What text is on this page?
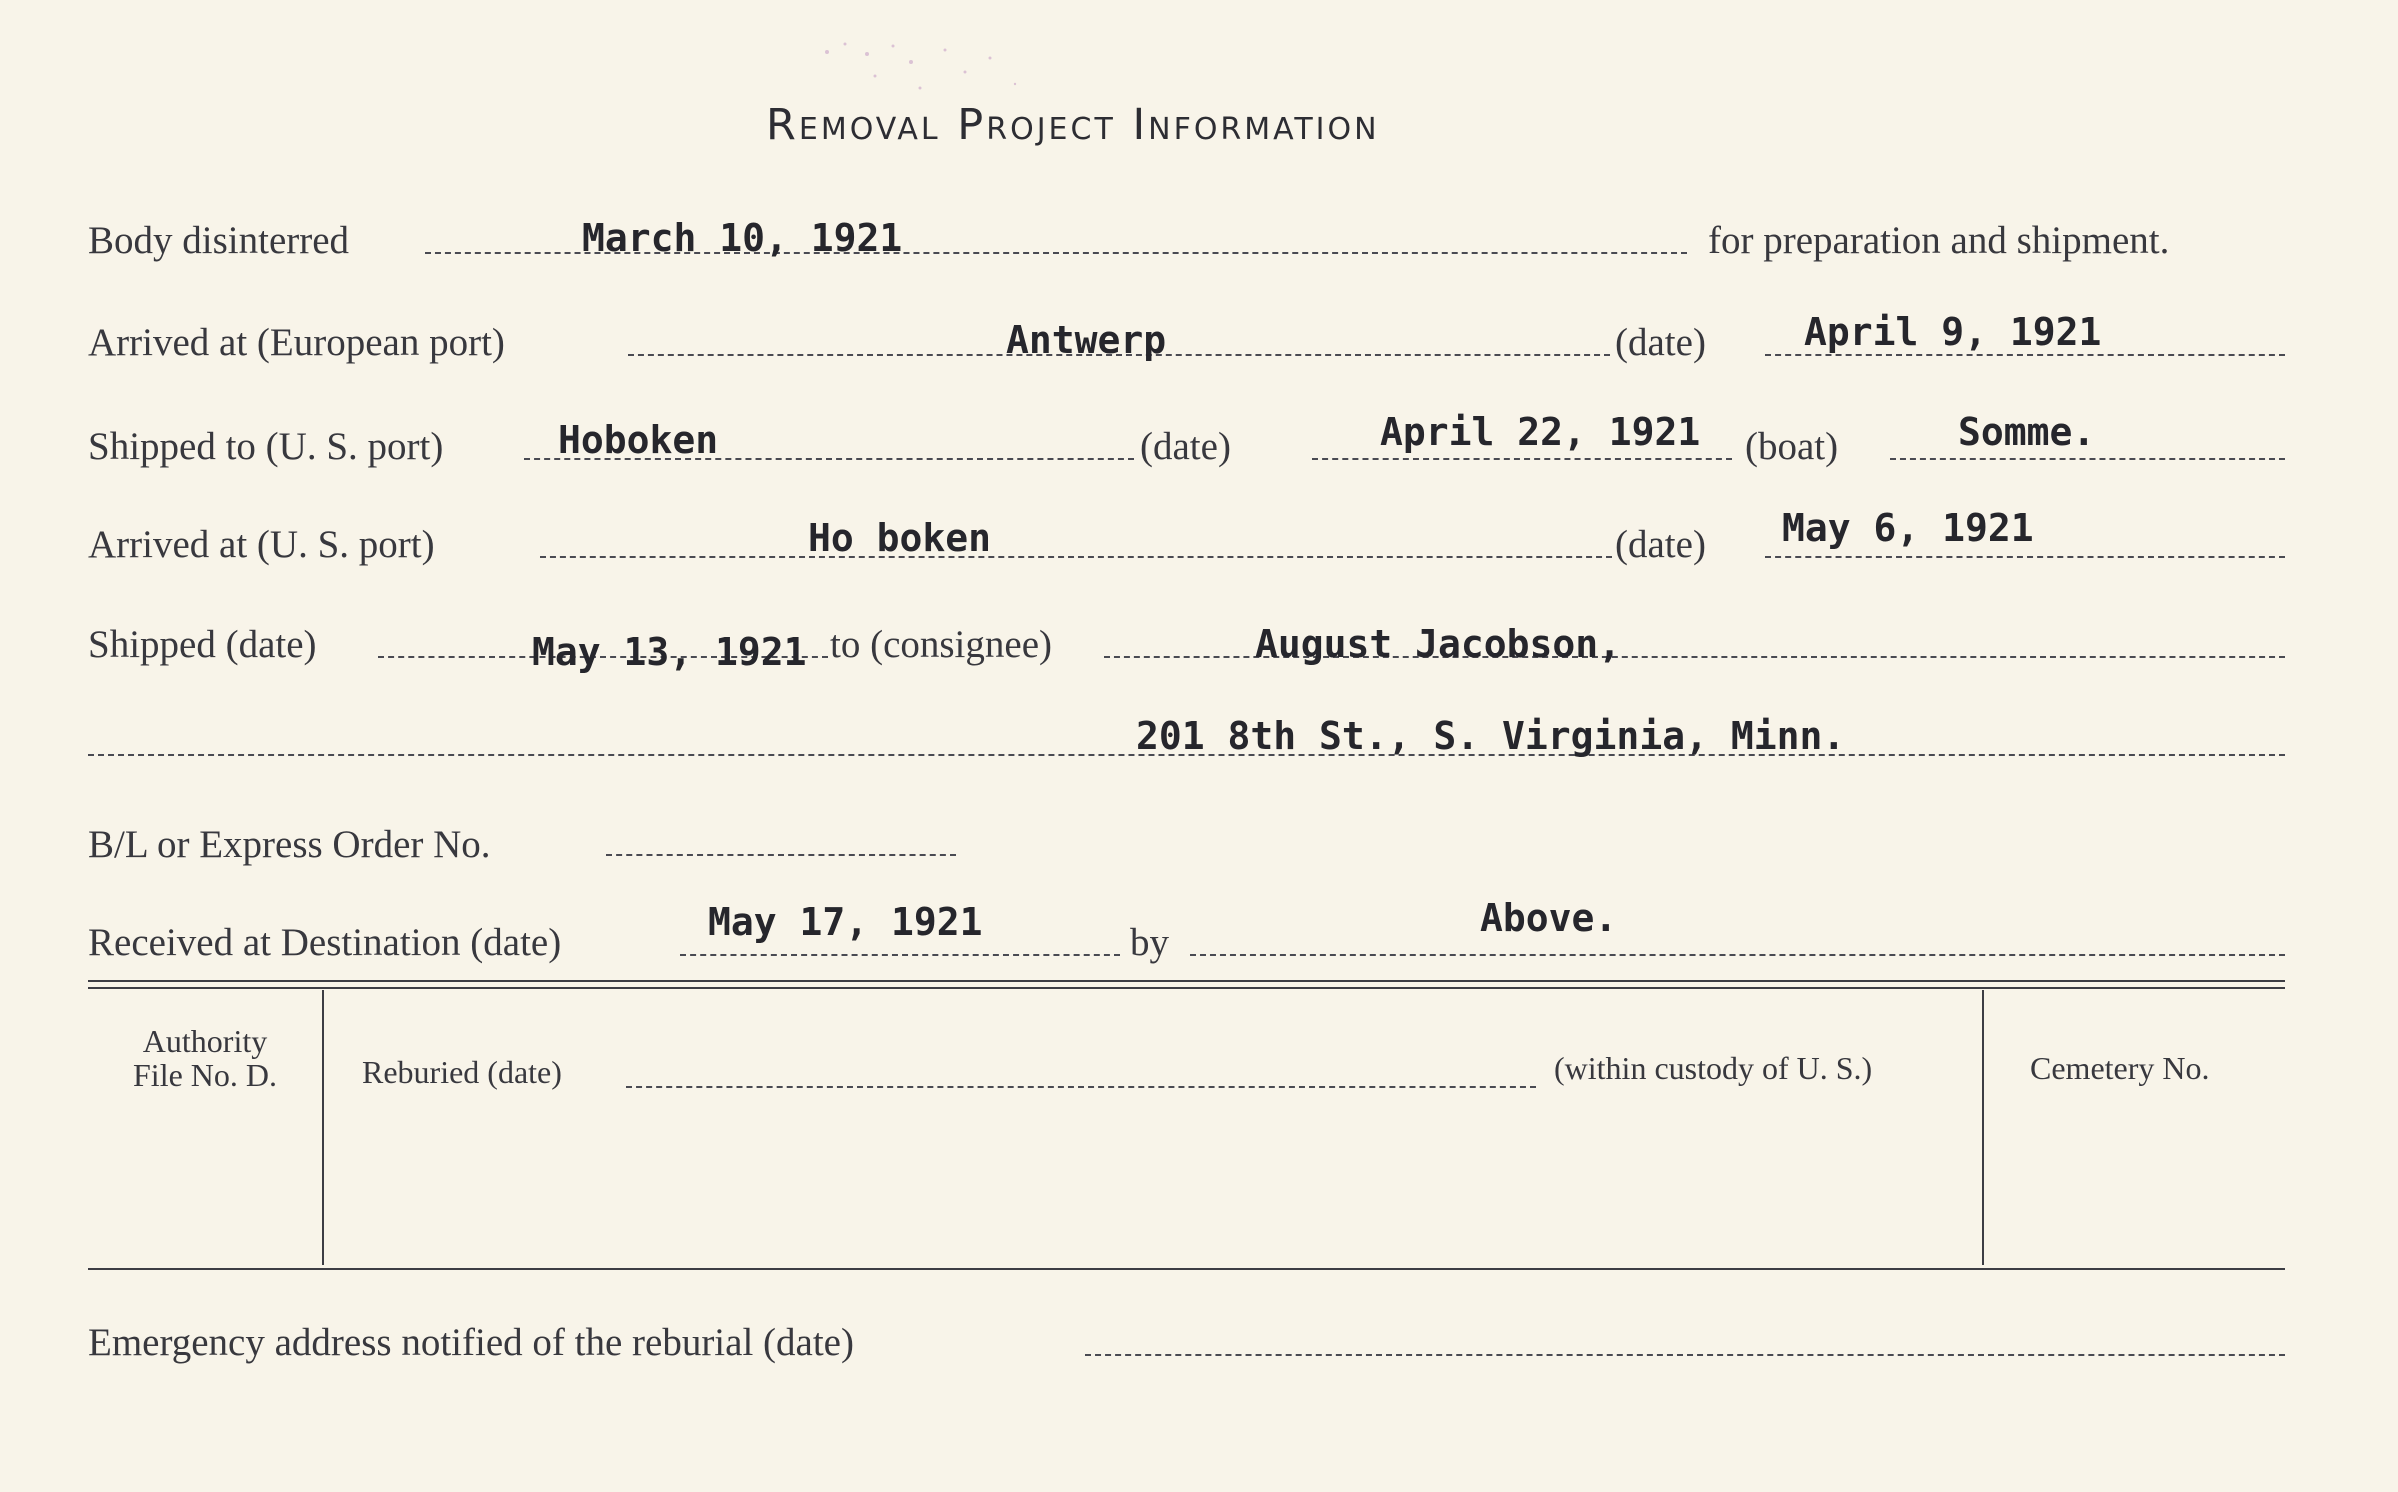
Removal Project Information
Body disinterred	March 10, 1921	for preparation and shipment.
Arrived at (European port)	Antwerp	(date)	April 9, 1921
Shipped to (U. S. port)	Hoboken	(date)	April 22, 1921 (boat)	Somme.
Arrived at (U. S. port)	Ho boken	(date) May 6, 1921
Shipped (date)	May 13, 1921 to (consignee)	August Jacobson,
201 8th St., S. Virginia, Minn.
B/L or Express Order No.
Received at Destination (date)	May 17, 1921	by
Above.
Authority
File No. D.	Reburied (date)	(within custody of U. S.)	Cemetery No.
Emergency address notified of the reburial (date)
